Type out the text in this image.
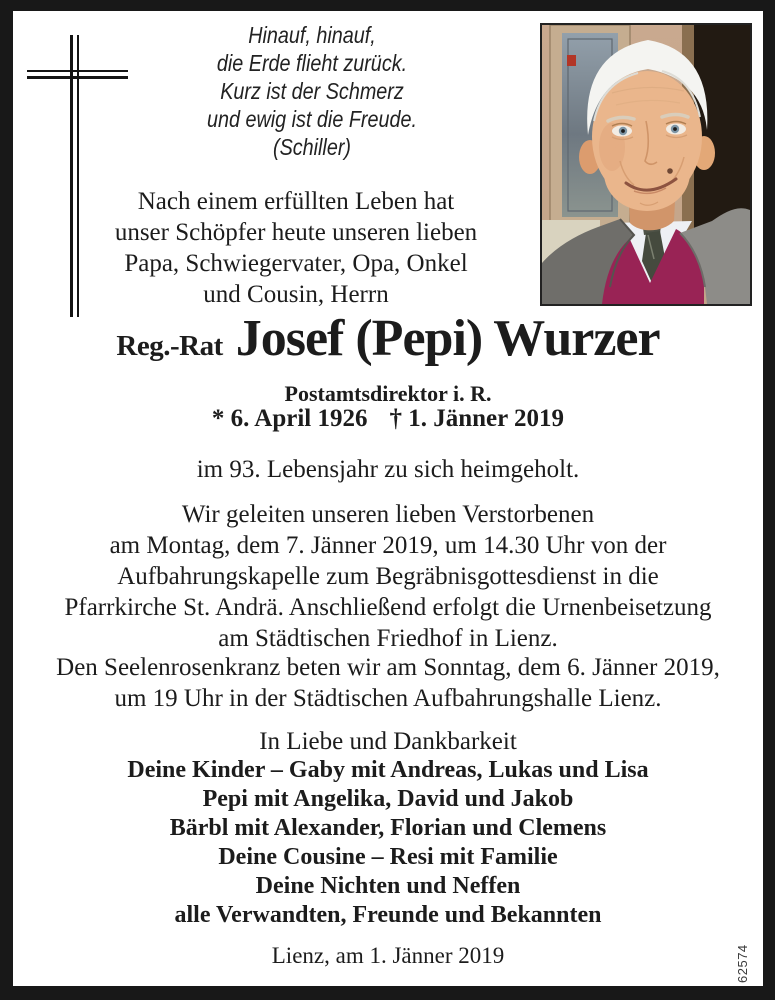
Hinauf, hinauf,
die Erde flieht zurück.
Kurz ist der Schmerz
und ewig ist die Freude.
(Schiller)
Nach einem erfüllten Leben hat
unser Schöpfer heute unseren lieben
Papa, Schwiegervater, Opa, Onkel
und Cousin, Herrn
Reg.-Rat Josef (Pepi) Wurzer
Postamtsdirektor i. R.
* 6. April 1926 † 1. Jänner 2019
im 93. Lebensjahr zu sich heimgeholt.
Wir geleiten unseren lieben Verstorbenen
am Montag, dem 7. Jänner 2019, um 14.30 Uhr von der
Aufbahrungskapelle zum Begräbnisgottesdienst in die
Pfarrkirche St. Andrä. Anschließend erfolgt die Urnenbeisetzung
am Städtischen Friedhof in Lienz.
Den Seelenrosenkranz beten wir am Sonntag, dem 6. Jänner 2019,
um 19 Uhr in der Städtischen Aufbahrungshalle Lienz.
In Liebe und Dankbarkeit
Deine Kinder – Gaby mit Andreas, Lukas und Lisa
Pepi mit Angelika, David und Jakob
Bärbl mit Alexander, Florian und Clemens
Deine Cousine – Resi mit Familie
Deine Nichten und Neffen
alle Verwandten, Freunde und Bekannten
Lienz, am 1. Jänner 2019	62574
